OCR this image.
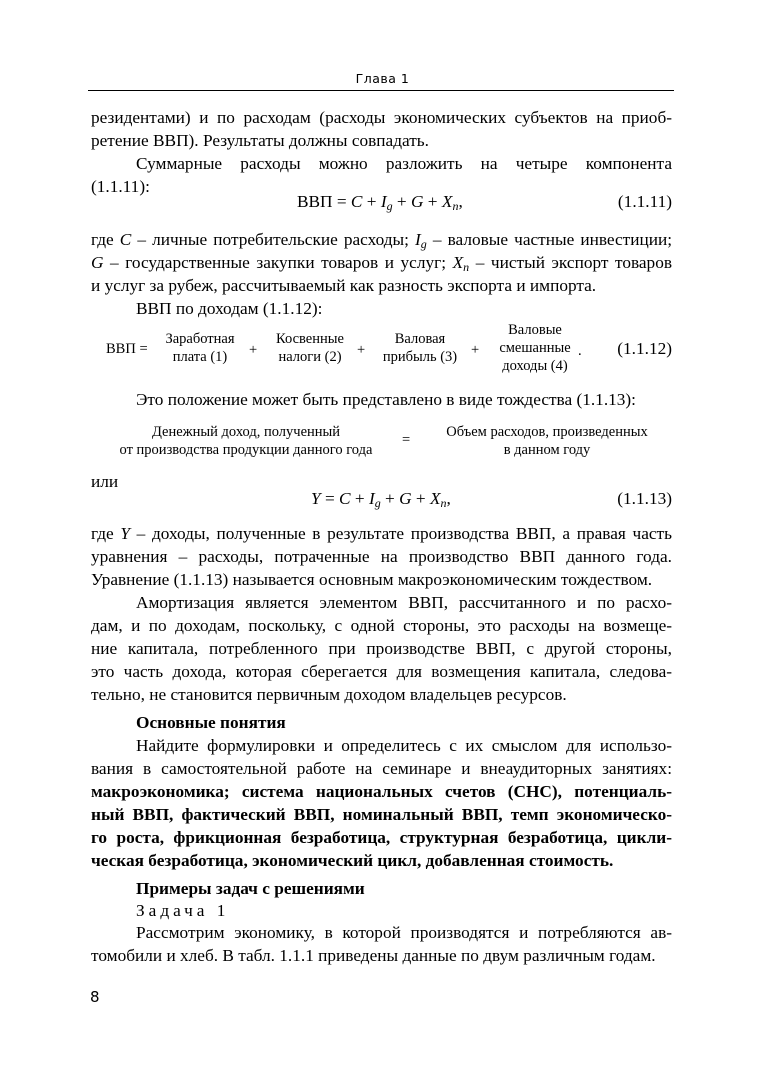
Глава 1
резидентами) и по расходам (расходы экономических субъектов на приоб-
ретение ВВП). Результаты должны совпадать.
Суммарные расходы можно разложить на четыре компонента
(1.1.11):
ВВП = $C + I_g + G + X_n$,	(1.1.11)
где C – личные потребительские расходы; $I_g$ – валовые частные инвестиции;
G – государственные закупки товаров и услуг; $X_n$ – чистый экспорт товаров
и услуг за рубеж, рассчитываемый как разность экспорта и импорта.
ВВП по доходам (1.1.12):
ВВП =
Заработная
плата (1)	+
Косвенные
налоги (2)	+
Валовая
прибыль (3) +
Валовые
смешанные
доходы (4)
. (1.1.12)
Это положение может быть представлено в виде тождества (1.1.13):
Денежный доход, полученный
от производства продукции данного года
=	Объем расходов, произведенных
в данном году
или
$Y = C + I_g + G + X_n$,	(1.1.13)
где Y – доходы, полученные в результате производства ВВП, а правая часть
уравнения – расходы, потраченные на производство ВВП данного года.
Уравнение (1.1.13) называется основным макроэкономическим тождеством.
Амортизация является элементом ВВП, рассчитанного и по расхо-
дам, и по доходам, поскольку, с одной стороны, это расходы на возмеще-
ние капитала, потребленного при производстве ВВП, с другой стороны,
это часть дохода, которая сберегается для возмещения капитала, следова-
тельно, не становится первичным доходом владельцев ресурсов.
Основные понятия
Найдите формулировки и определитесь с их смыслом для использо-
вания в самостоятельной работе на семинаре и внеаудиторных занятиях:
макроэкономика; система национальных счетов (СНС), потенциаль-
ный ВВП, фактический ВВП, номинальный ВВП, темп экономическо-
го роста, фрикционная безработица, структурная безработица, цикли-
ческая безработица, экономический цикл, добавленная стоимость.
Примеры задач с решениями
Задача 1
Рассмотрим экономику, в которой производятся и потребляются ав-
томобили и хлеб. В табл. 1.1.1 приведены данные по двум различным годам.
8
